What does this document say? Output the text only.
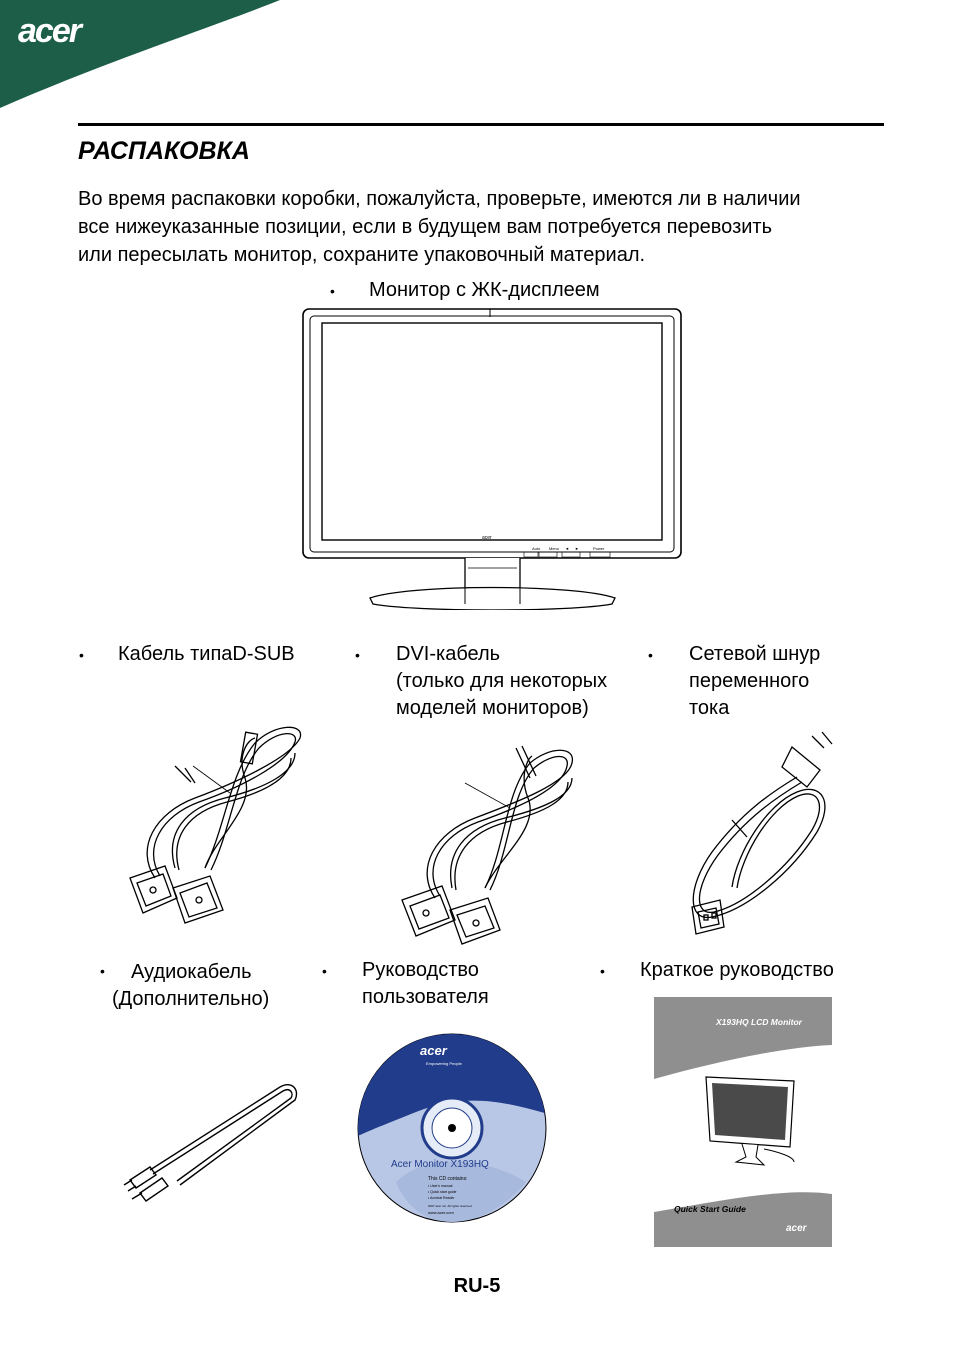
acer
РАСПАКОВКА
Во время распаковки коробки, пожалуйста, проверьте, имеются ли в наличии
все нижеуказанные позиции, если в будущем вам потребуется перевозить
или пересылать монитор, сохраните упаковочный материал.
• Монитор с ЖК-дисплеем
acer
Auto Menu ◄ ►	Power
• Кабель типаD-SUB	• DVI-кабель
(только для некоторых
моделей мониторов)
• Сетевой шнур
переменного
тока
•	Аудиокабель
(Дополнительно)
• Руководство
пользователя
• Краткое руководство
acer
Empowering People
Acer Monitor X193HQ
This CD contains:
• User's manual
• Quick start guide
• Acrobat Reader
2007 acer inc. All rights reserved
www.acer.com
X193HQ LCD Monitor
Quick Start Guide
acer
RU-5
